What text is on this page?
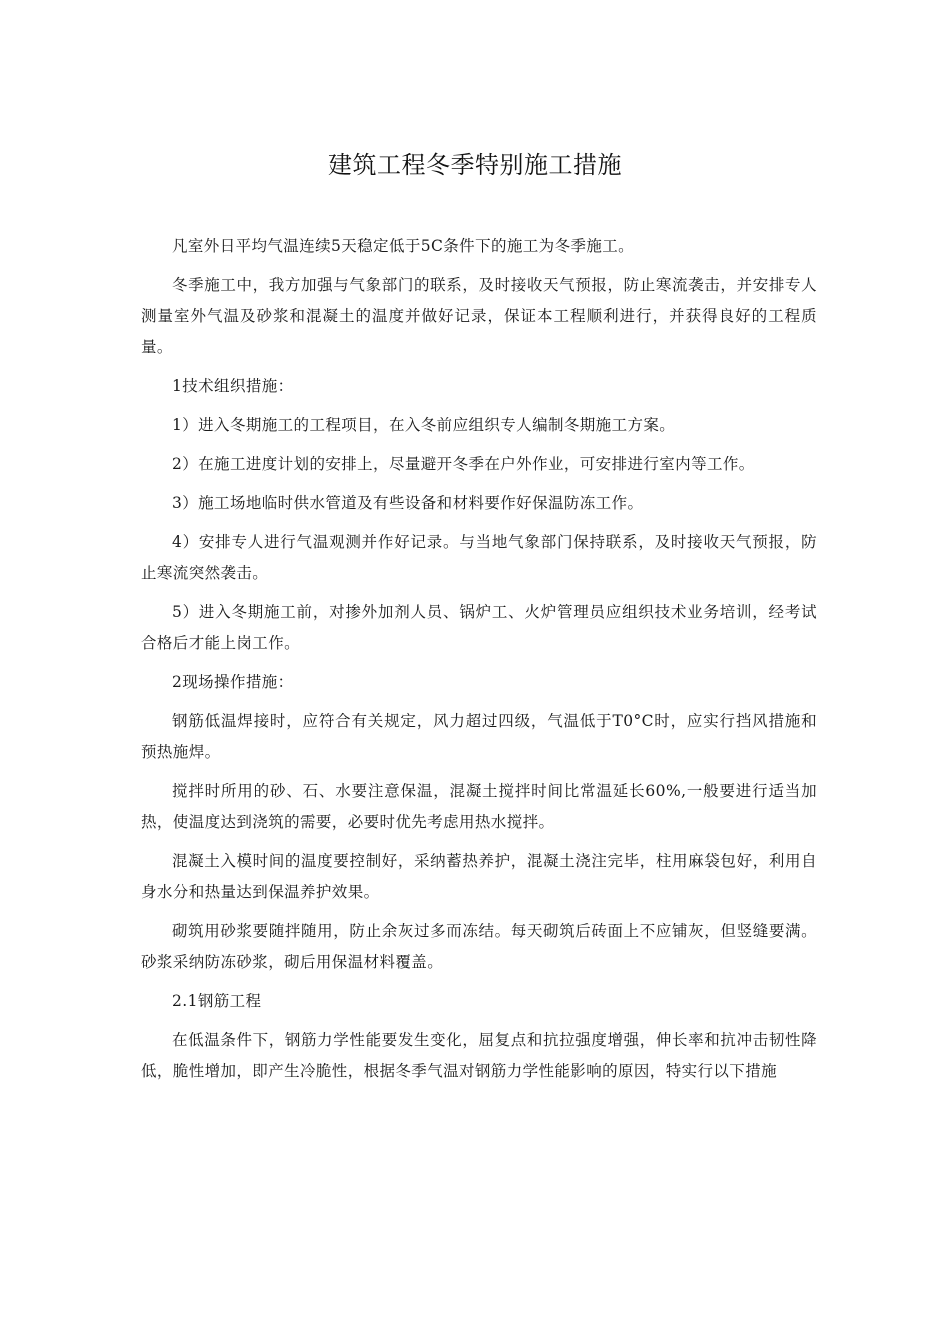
建筑工程冬季特别施工措施

凡室外日平均气温连续5天稳定低于5C条件下的施工为冬季施工。

冬季施工中，我方加强与气象部门的联系，及时接收天气预报，防止寒流袭击，并安排专人测量室外气温及砂浆和混凝土的温度并做好记录，保证本工程顺利进行，并获得良好的工程质量。

1技术组织措施：

1）进入冬期施工的工程项目，在入冬前应组织专人编制冬期施工方案。

2）在施工进度计划的安排上，尽量避开冬季在户外作业，可安排进行室内等工作。

3）施工场地临时供水管道及有些设备和材料要作好保温防冻工作。

4）安排专人进行气温观测并作好记录。与当地气象部门保持联系，及时接收天气预报，防止寒流突然袭击。

5）进入冬期施工前，对掺外加剂人员、锅炉工、火炉管理员应组织技术业务培训，经考试合格后才能上岗工作。

2现场操作措施：

钢筋低温焊接时，应符合有关规定，风力超过四级，气温低于T0°C时，应实行挡风措施和预热施焊。

搅拌时所用的砂、石、水要注意保温，混凝土搅拌时间比常温延长60%,一般要进行适当加热，使温度达到浇筑的需要，必要时优先考虑用热水搅拌。

混凝土入模时间的温度要控制好，采纳蓄热养护，混凝土浇注完毕，柱用麻袋包好，利用自身水分和热量达到保温养护效果。

砌筑用砂浆要随拌随用，防止余灰过多而冻结。每天砌筑后砖面上不应铺灰，但竖缝要满。砂浆采纳防冻砂浆，砌后用保温材料覆盖。

2.1钢筋工程

在低温条件下，钢筋力学性能要发生变化，屈复点和抗拉强度增强，伸长率和抗冲击韧性降低，脆性增加，即产生冷脆性，根据冬季气温对钢筋力学性能影响的原因，特实行以下措施
